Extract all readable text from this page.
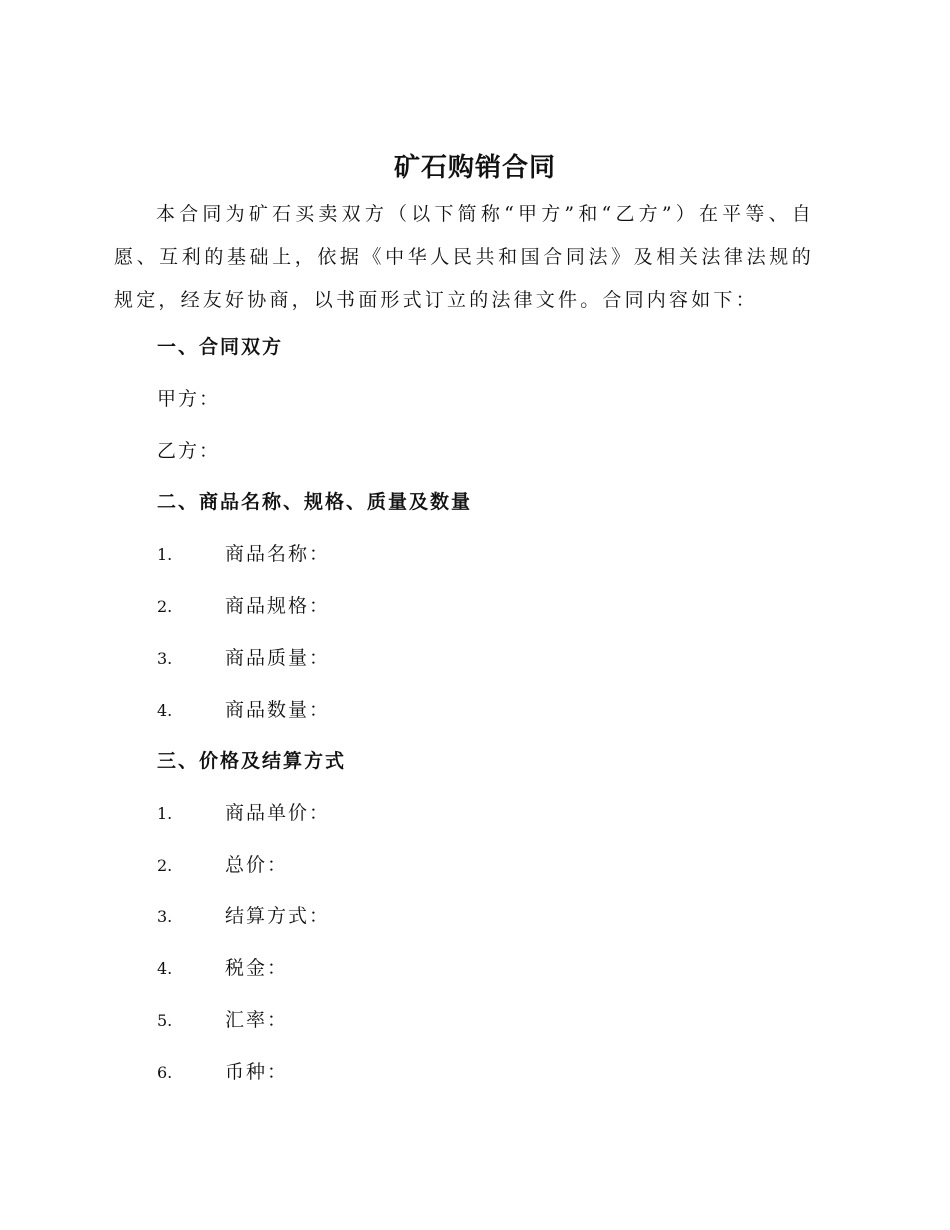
矿石购销合同

本合同为矿石买卖双方（以下简称“甲方”和“乙方”）在平等、自愿、互利的基础上，依据《中华人民共和国合同法》及相关法律法规的规定，经友好协商，以书面形式订立的法律文件。合同内容如下：

一、合同双方
甲方：
乙方：
二、商品名称、规格、质量及数量
1.	商品名称：
2.	商品规格：
3.	商品质量：
4.	商品数量：
三、价格及结算方式
1.	商品单价：
2.	总价：
3.	结算方式：
4.	税金：
5.	汇率：
6.	币种：
